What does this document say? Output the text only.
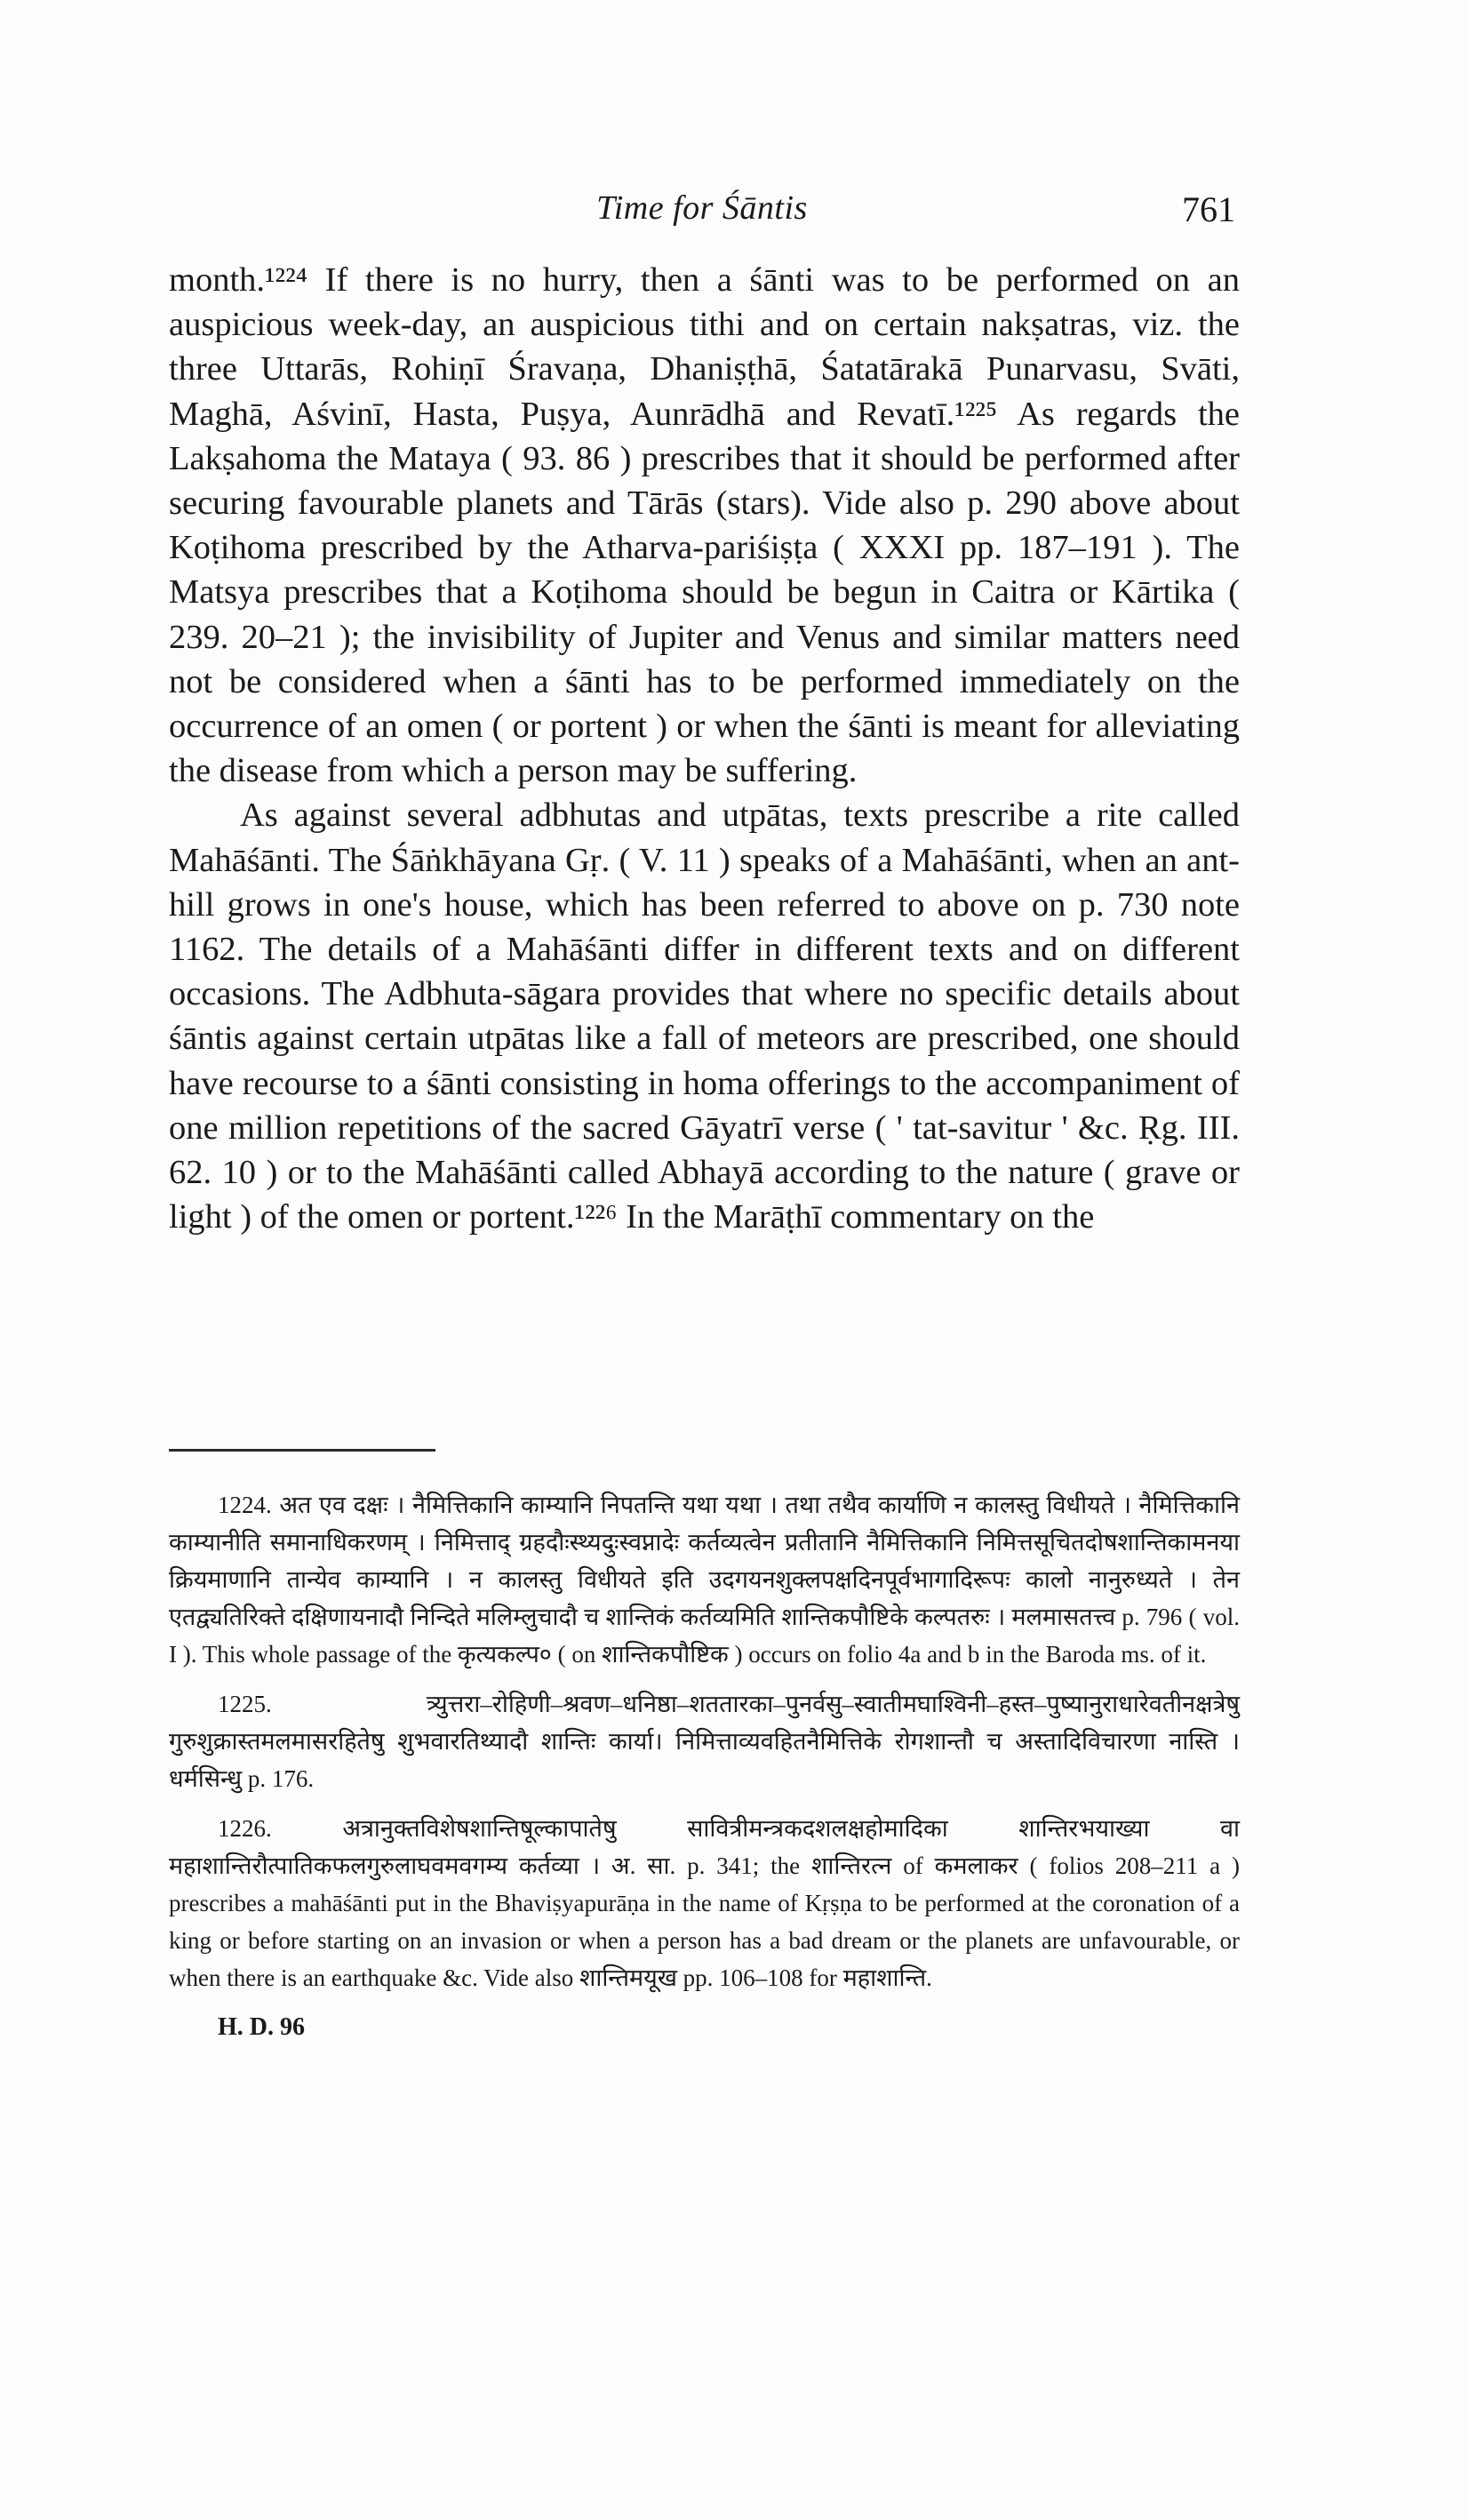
Time for Śāntis	761

month.¹²²⁴ If there is no hurry, then a śānti was to be performed on an auspicious week-day, an auspicious tithi and on certain nakṣatras, viz. the three Uttarās, Rohiṇī Śravaṇa, Dhaniṣṭhā, Śatatārakā Punarvasu, Svāti, Maghā, Aśvinī, Hasta, Puṣya, Aunrādhā and Revatī.¹²²⁵ As regards the Lakṣahoma the Mataya ( 93. 86 ) prescribes that it should be performed after securing favourable planets and Tārās (stars). Vide also p. 290 above about Koṭihoma prescribed by the Atharva-pariśiṣṭa ( XXXI pp. 187–191 ). The Matsya prescribes that a Koṭihoma should be begun in Caitra or Kārtika ( 239. 20–21 ); the invisibility of Jupiter and Venus and similar matters need not be considered when a śānti has to be performed immediately on the occurrence of an omen ( or portent ) or when the śānti is meant for alleviating the disease from which a person may be suffering.

As against several adbhutas and utpātas, texts prescribe a rite called Mahāśānti. The Śāṅkhāyana Gṛ. ( V. 11 ) speaks of a Mahāśānti, when an ant-hill grows in one's house, which has been referred to above on p. 730 note 1162. The details of a Mahāśānti differ in different texts and on different occasions. The Adbhuta-sāgara provides that where no specific details about śāntis against certain utpātas like a fall of meteors are prescribed, one should have recourse to a śānti consisting in homa offerings to the accompaniment of one million repetitions of the sacred Gāyatrī verse ( ' tat-savitur ' &c. Ṛg. III. 62. 10 ) or to the Mahāśānti called Abhayā according to the nature ( grave or light ) of the omen or portent.¹²²⁶ In the Marāṭhī commentary on the

1224. अत एव दक्षः । नैमित्तिकानि काम्यानि निपतन्ति यथा यथा । तथा तथैव कार्याणि न कालस्तु विधीयते । नैमित्तिकानि काम्यानीति समानाधिकरणम् । निमित्ताद् ग्रहदौःस्थ्यदुःस्वप्नादेः कर्तव्यत्वेन प्रतीतानि नैमित्तिकानि निमित्तसूचितदोषशान्तिकामनया क्रियमाणानि तान्येव काम्यानि । न कालस्तु विधीयते इति उदगयनशुक्लपक्षदिनपूर्वभागादिरूपः कालो नानुरुध्यते । तेन एतद्व्यतिरिक्ते दक्षिणायनादौ निन्दिते मलिम्लुचादौ च शान्तिकं कर्तव्यमिति शान्तिकपौष्टिके कल्पतरुः । मलमासतत्त्व p. 796 ( vol. I ). This whole passage of the कृत्यकल्प० ( on शान्तिकपौष्टिक ) occurs on folio 4a and b in the Baroda ms. of it.

1225.	त्र्युत्तरा–रोहिणी–श्रवण–धनिष्ठा–शततारका–पुनर्वसु–स्वातीमघाश्विनी–हस्त–पुष्यानुराधारेवतीनक्षत्रेषु गुरुशुक्रास्तमलमासरहितेषु शुभवारतिथ्यादौ शान्तिः कार्या। निमित्ताव्यवहितनैमित्तिके रोगशान्तौ च अस्तादिविचारणा नास्ति । धर्मसिन्धु p. 176.

1226.	अत्रानुक्तविशेषशान्तिषूल्कापातेषु सावित्रीमन्त्रकदशलक्षहोमादिका शान्तिरभयाख्या वा महाशान्तिरौत्पातिकफलगुरुलाघवमवगम्य कर्तव्या । अ. सा. p. 341; the शान्तिरत्न of कमलाकर ( folios 208–211 a ) prescribes a mahāśānti put in the Bhaviṣyapurāṇa in the name of Kṛṣṇa to be performed at the coronation of a king or before starting on an invasion or when a person has a bad dream or the planets are unfavourable, or when there is an earthquake &c. Vide also शान्तिमयूख pp. 106–108 for महाशान्ति.

H. D. 96
